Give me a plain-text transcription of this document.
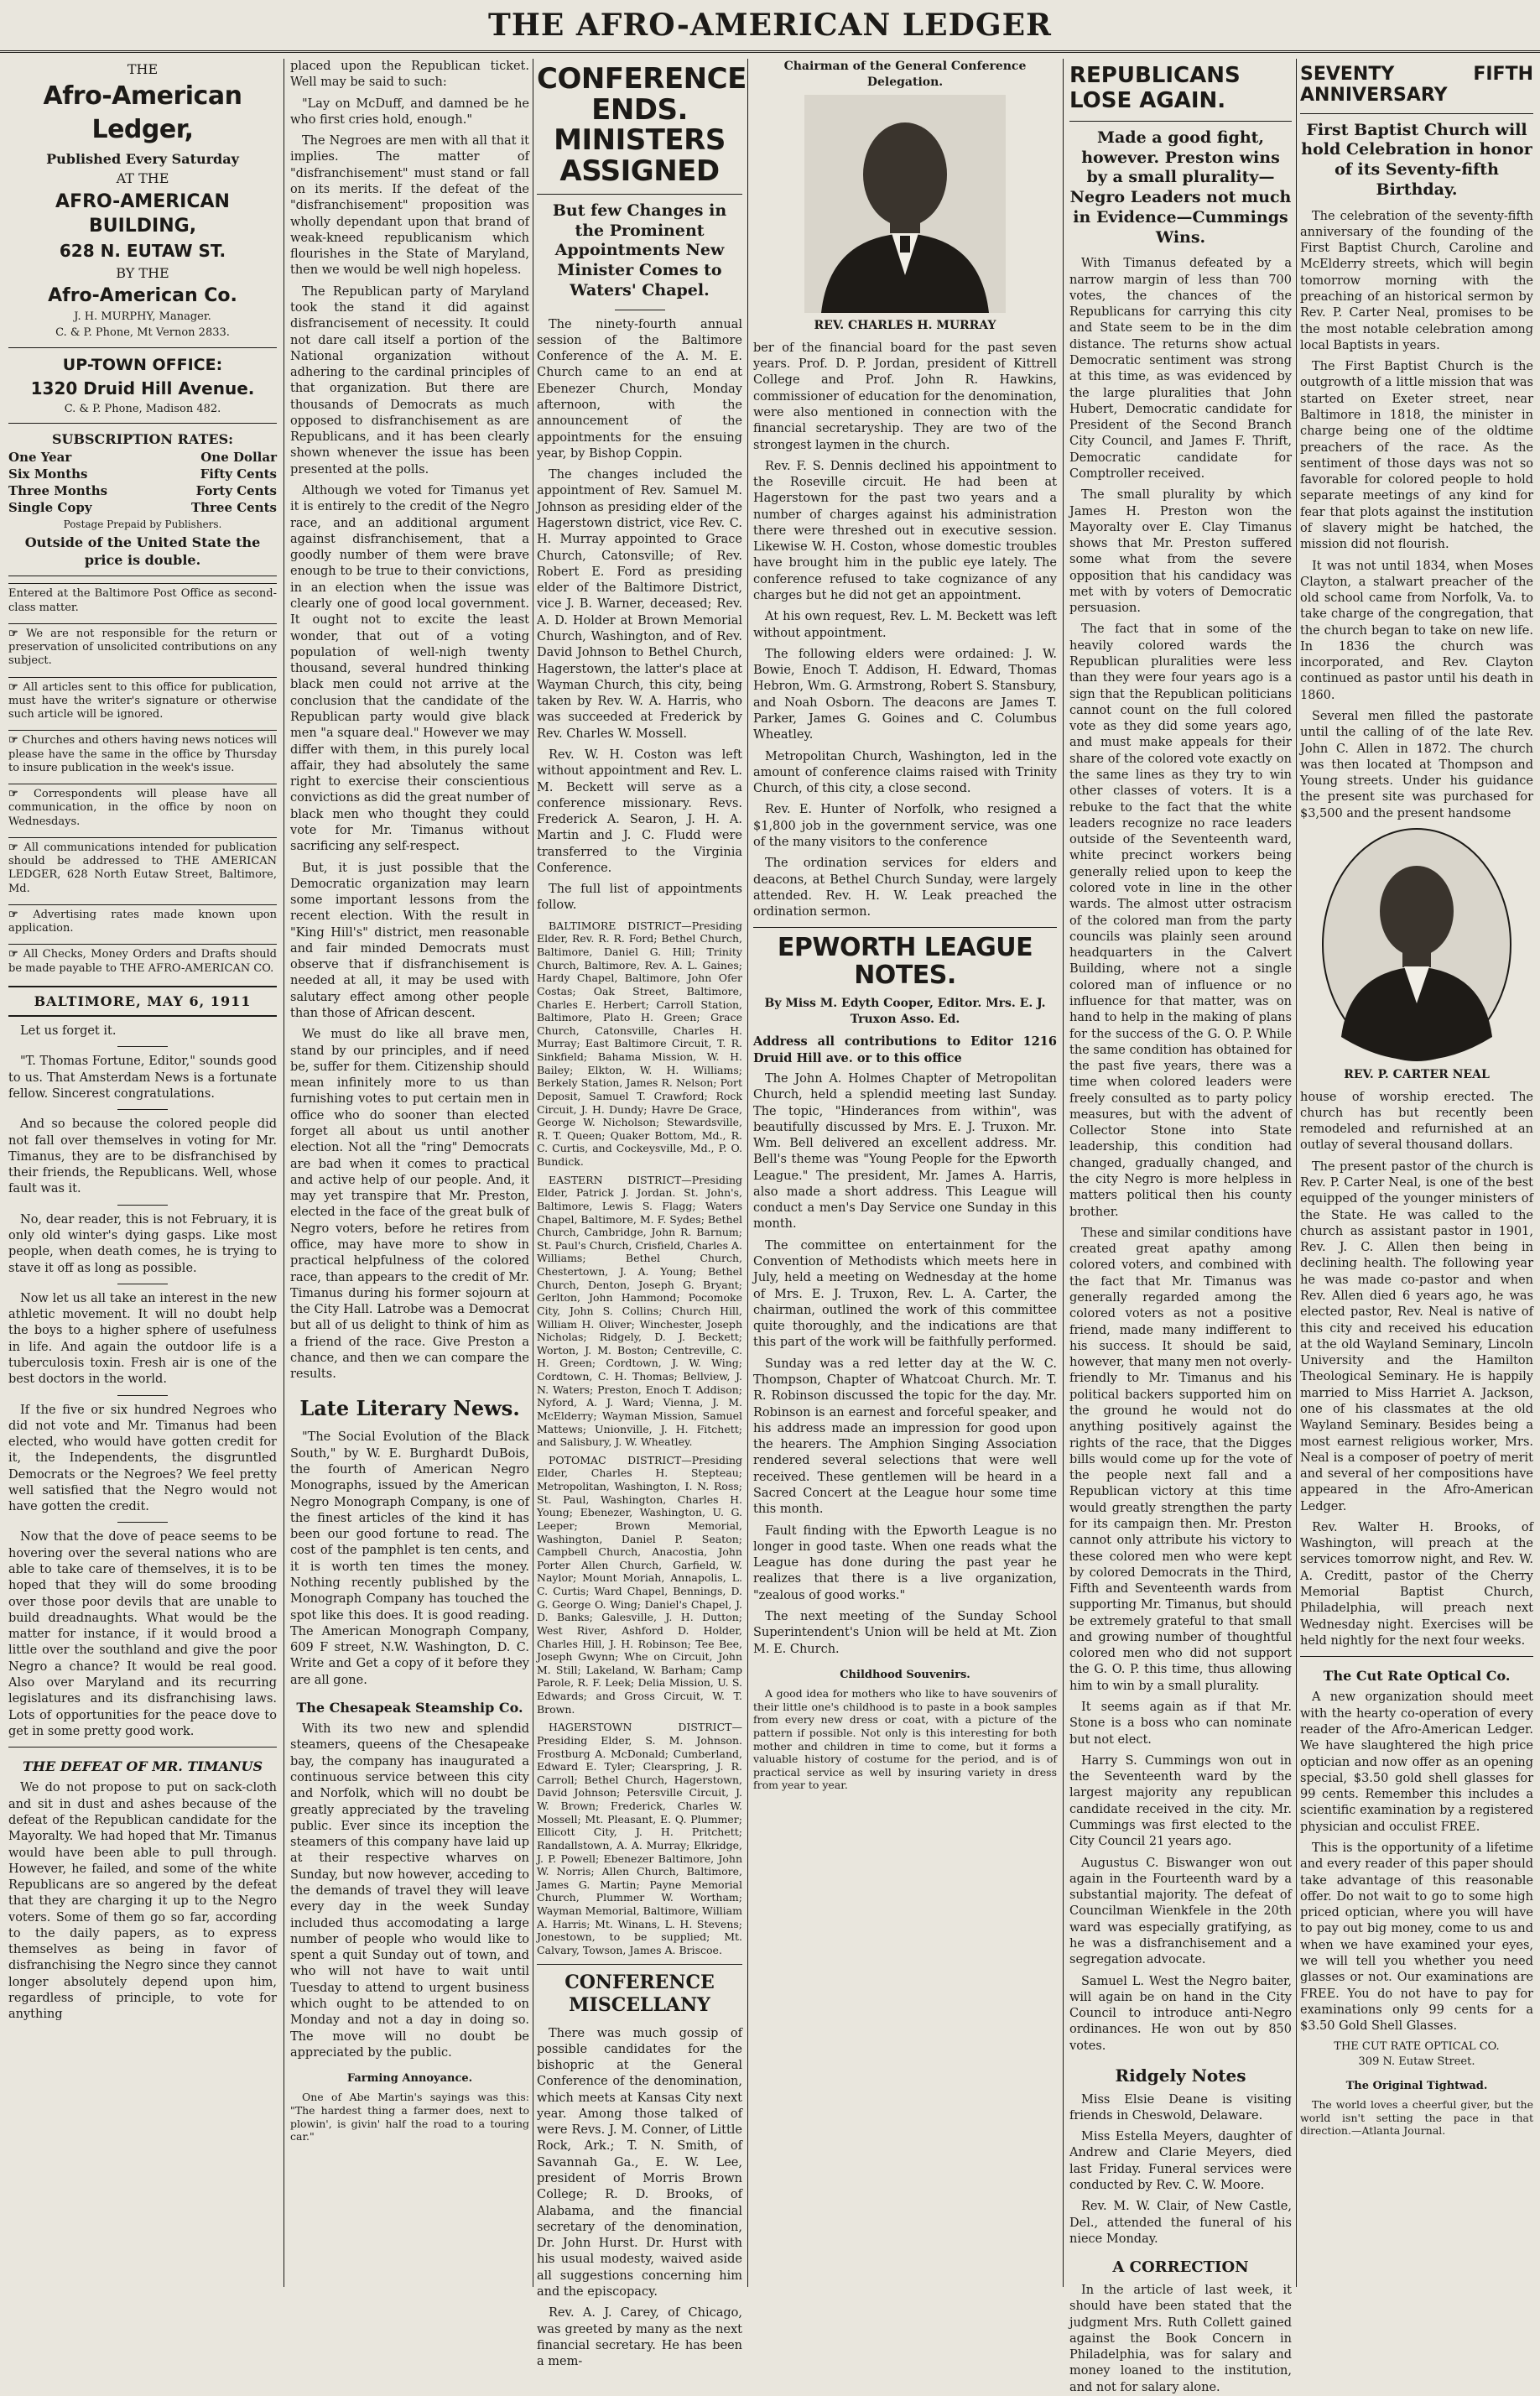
THE AFRO-AMERICAN LEDGER
THE
Afro-American Ledger,
Published Every Saturday
AT THE
AFRO-AMERICAN BUILDING,
628 N. EUTAW ST.
BY THE
Afro-American Co.
J. H. MURPHY, Manager.
C. & P. Phone, Mt Vernon 2833.
UP-TOWN OFFICE:
1320 Druid Hill Avenue.
C. & P. Phone, Madison 482.
SUBSCRIPTION RATES:
One Year	One Dollar
Six Months	Fifty Cents
Three Months	Forty Cents
Single Copy	Three Cents
Postage Prepaid by Publishers.
Outside of the United State the price is double.

Entered at the Baltimore Post Office as second-class matter.

☞ We are not responsible for the return or preservation of unsolicited contributions on any subject.

☞ All articles sent to this office for publication, must have the writer's signature or otherwise such article will be ignored.

☞ Churches and others having news notices will please have the same in the office by Thursday to insure publication in the week's issue.

☞ Correspondents will please have all communication, in the office by noon on Wednesdays.

☞ All communications intended for publication should be addressed to THE AMERICAN LEDGER, 628 North Eutaw Street, Baltimore, Md.

☞ Advertising rates made known upon application.

☞ All Checks, Money Orders and Drafts should be made payable to THE AFRO-AMERICAN CO.

BALTIMORE, MAY 6, 1911

Let us forget it.

"T. Thomas Fortune, Editor," sounds good to us. That Amsterdam News is a fortunate fellow. Sincerest congratulations.

And so because the colored people did not fall over themselves in voting for Mr. Timanus, they are to be disfranchised by their friends, the Republicans. Well, whose fault was it.

No, dear reader, this is not February, it is only old winter's dying gasps. Like most people, when death comes, he is trying to stave it off as long as possible.

Now let us all take an interest in the new athletic movement. It will no doubt help the boys to a higher sphere of usefulness in life. And again the outdoor life is a tuberculosis toxin. Fresh air is one of the best doctors in the world.

If the five or six hundred Negroes who did not vote and Mr. Timanus had been elected, who would have gotten credit for it, the Independents, the disgruntled Democrats or the Negroes? We feel pretty well satisfied that the Negro would not have gotten the credit.

Now that the dove of peace seems to be hovering over the several nations who are able to take care of themselves, it is to be hoped that they will do some brooding over those poor devils that are unable to build dreadnaughts. What would be the matter for instance, if it would brood a little over the southland and give the poor Negro a chance? It would be real good. Also over Maryland and its recurring legislatures and its disfranchising laws. Lots of opportunities for the peace dove to get in some pretty good work.

THE DEFEAT OF MR. TIMANUS

We do not propose to put on sack-cloth and sit in dust and ashes because of the defeat of the Republican candidate for the Mayoralty. We had hoped that Mr. Timanus would have been able to pull through. However, he failed, and some of the white Republicans are so angered by the defeat that they are charging it up to the Negro voters. Some of them go so far, according to the daily papers, as to express themselves as being in favor of disfranchising the Negro since they cannot longer absolutely depend upon him, regardless of principle, to vote for anything

placed upon the Republican ticket. Well may be said to such:

"Lay on McDuff, and damned be he who first cries hold, enough."

The Negroes are men with all that it implies. The matter of "disfranchisement" must stand or fall on its merits. If the defeat of the "disfranchisement" proposition was wholly dependant upon that brand of weak-kneed republicanism which flourishes in the State of Maryland, then we would be well nigh hopeless.

The Republican party of Maryland took the stand it did against disfrancisement of necessity. It could not dare call itself a portion of the National organization without adhering to the cardinal principles of that organization. But there are thousands of Democrats as much opposed to disfranchisement as are Republicans, and it has been clearly shown whenever the issue has been presented at the polls.

Although we voted for Timanus yet it is entirely to the credit of the Negro race, and an additional argument against disfranchisement, that a goodly number of them were brave enough to be true to their convictions, in an election when the issue was clearly one of good local government. It ought not to excite the least wonder, that out of a voting population of well-nigh twenty thousand, several hundred thinking black men could not arrive at the conclusion that the candidate of the Republican party would give black men "a square deal." However we may differ with them, in this purely local affair, they had absolutely the same right to exercise their conscientious convictions as did the great number of black men who thought they could vote for Mr. Timanus without sacrificing any self-respect.

But, it is just possible that the Democratic organization may learn some important lessons from the recent election. With the result in "King Hill's" district, men reasonable and fair minded Democrats must observe that if disfranchisement is needed at all, it may be used with salutary effect among other people than those of African descent.

We must do like all brave men, stand by our principles, and if need be, suffer for them. Citizenship should mean infinitely more to us than furnishing votes to put certain men in office who do sooner than elected forget all about us until another election. Not all the "ring" Democrats are bad when it comes to practical and active help of our people. And, it may yet transpire that Mr. Preston, elected in the face of the great bulk of Negro voters, before he retires from office, may have more to show in practical helpfulness of the colored race, than appears to the credit of Mr. Timanus during his former sojourn at the City Hall. Latrobe was a Democrat but all of us delight to think of him as a friend of the race. Give Preston a chance, and then we can compare the results.

Late Literary News.

"The Social Evolution of the Black South," by W. E. Burghardt DuBois, the fourth of American Negro Monographs, issued by the American Negro Monograph Company, is one of the finest articles of the kind it has been our good fortune to read. The cost of the pamphlet is ten cents, and it is worth ten times the money. Nothing recently published by the Monograph Company has touched the spot like this does. It is good reading. The American Monograph Company, 609 F street, N.W. Washington, D. C. Write and Get a copy of it before they are all gone.

The Chesapeak Steamship Co.

With its two new and splendid steamers, queens of the Chesapeake bay, the company has inaugurated a continuous service between this city and Norfolk, which will no doubt be greatly appreciated by the traveling public. Ever since its inception the steamers of this company have laid up at their respective wharves on Sunday, but now however, acceding to the demands of travel they will leave every day in the week Sunday included thus accomodating a large number of people who would like to spent a quit Sunday out of town, and who will not have to wait until Tuesday to attend to urgent business which ought to be attended to on Monday and not a day in doing so. The move will no doubt be appreciated by the public.

Farming Annoyance.

One of Abe Martin's sayings was this: "The hardest thing a farmer does, next to plowin', is givin' half the road to a touring car."

CONFERENCE ENDS. MINISTERS ASSIGNED
But few Changes in the Prominent Appointments New Minister Comes to Waters' Chapel.

The ninety-fourth annual session of the Baltimore Conference of the A. M. E. Church came to an end at Ebenezer Church, Monday afternoon, with the announcement of the appointments for the ensuing year, by Bishop Coppin.

The changes included the appointment of Rev. Samuel M. Johnson as presiding elder of the Hagerstown district, vice Rev. C. H. Murray appointed to Grace Church, Catonsville; of Rev. Robert E. Ford as presiding elder of the Baltimore District, vice J. B. Warner, deceased; Rev. A. D. Holder at Brown Memorial Church, Washington, and of Rev. David Johnson to Bethel Church, Hagerstown, the latter's place at Wayman Church, this city, being taken by Rev. W. A. Harris, who was succeeded at Frederick by Rev. Charles W. Mossell.

Rev. W. H. Coston was left without appointment and Rev. L. M. Beckett will serve as a conference missionary. Revs. Frederick A. Searon, J. H. A. Martin and J. C. Fludd were transferred to the Virginia Conference.

The full list of appointments follow.

BALTIMORE DISTRICT—Presiding Elder, Rev. R. R. Ford; Bethel Church, Baltimore, Daniel G. Hill; Trinity Church, Baltimore, Rev. A. L. Gaines; Hardy Chapel, Baltimore, John Ofer Costas; Oak Street, Baltimore, Charles E. Herbert; Carroll Station, Baltimore, Plato H. Green; Grace Church, Catonsville, Charles H. Murray; East Baltimore Circuit, T. R. Sinkfield; Bahama Mission, W. H. Bailey; Elkton, W. H. Williams; Berkely Station, James R. Nelson; Port Deposit, Samuel T. Crawford; Rock Circuit, J. H. Dundy; Havre De Grace, George W. Nicholson; Stewardsville, R. T. Queen; Quaker Bottom, Md., R. C. Curtis, and Cockeysville, Md., P. O. Bundick.

EASTERN DISTRICT—Presiding Elder, Patrick J. Jordan. St. John's, Baltimore, Lewis S. Flagg; Waters Chapel, Baltimore, M. F. Sydes; Bethel Church, Cambridge, John R. Barnum; St. Paul's Church, Crisfield, Charles A. Williams; Bethel Church, Chestertown, J. A. Young; Bethel Church, Denton, Joseph G. Bryant; Gerlton, John Hammond; Pocomoke City, John S. Collins; Church Hill, William H. Oliver; Winchester, Joseph Nicholas; Ridgely, D. J. Beckett; Worton, J. M. Boston; Centreville, C. H. Green; Cordtown, J. W. Wing; Cordtown, C. H. Thomas; Bellview, J. N. Waters; Preston, Enoch T. Addison; Nyford, A. J. Ward; Vienna, J. M. McElderry; Wayman Mission, Samuel Mattews; Unionville, J. H. Fitchett; and Salisbury, J. W. Wheatley.

POTOMAC DISTRICT—Presiding Elder, Charles H. Stepteau; Metropolitan, Washington, I. N. Ross; St. Paul, Washington, Charles H. Young; Ebenezer, Washington, U. G. Leeper; Brown Memorial, Washington, Daniel P. Seaton; Campbell Church, Anacostia, John Porter Allen Church, Garfield, W. Naylor; Mount Moriah, Annapolis, L. C. Curtis; Ward Chapel, Bennings, D. G. George O. Wing; Daniel's Chapel, J. D. Banks; Galesville, J. H. Dutton; West River, Ashford D. Holder, Charles Hill, J. H. Robinson; Tee Bee, Joseph Gwynn; Whe on Circuit, John M. Still; Lakeland, W. Barham; Camp Parole, R. F. Leek; Delia Mission, U. S. Edwards; and Gross Circuit, W. T. Brown.

HAGERSTOWN DISTRICT—Presiding Elder, S. M. Johnson. Frostburg A. McDonald; Cumberland, Edward E. Tyler; Clearspring, J. R. Carroll; Bethel Church, Hagerstown, David Johnson; Petersville Circuit, J. W. Brown; Frederick, Charles W. Mossell; Mt. Pleasant, E. Q. Plummer; Ellicott City, J. H. Pritchett; Randallstown, A. A. Murray; Elkridge, J. P. Powell; Ebenezer Baltimore, John W. Norris; Allen Church, Baltimore, James G. Martin; Payne Memorial Church, Plummer W. Wortham; Wayman Memorial, Baltimore, William A. Harris; Mt. Winans, L. H. Stevens; Jonestown, to be supplied; Mt. Calvary, Towson, James A. Briscoe.

CONFERENCE MISCELLANY

There was much gossip of possible candidates for the bishopric at the General Conference of the denomination, which meets at Kansas City next year. Among those talked of were Revs. J. M. Conner, of Little Rock, Ark.; T. N. Smith, of Savannah Ga., E. W. Lee, president of Morris Brown College; R. D. Brooks, of Alabama, and the financial secretary of the denomination, Dr. John Hurst. Dr. Hurst with his usual modesty, waived aside all suggestions concerning him and the episcopacy.

Rev. A. J. Carey, of Chicago, was greeted by many as the next financial secretary. He has been a mem-

Chairman of the General Conference Delegation.
REV. CHARLES H. MURRAY

ber of the financial board for the past seven years. Prof. D. P. Jordan, president of Kittrell College and Prof. John R. Hawkins, commissioner of education for the denomination, were also mentioned in connection with the financial secretaryship. They are two of the strongest laymen in the church.

Rev. F. S. Dennis declined his appointment to the Roseville circuit. He had been at Hagerstown for the past two years and a number of charges against his administration there were threshed out in executive session. Likewise W. H. Coston, whose domestic troubles have brought him in the public eye lately. The conference refused to take cognizance of any charges but he did not get an appointment.

At his own request, Rev. L. M. Beckett was left without appointment.

The following elders were ordained: J. W. Bowie, Enoch T. Addison, H. Edward, Thomas Hebron, Wm. G. Armstrong, Robert S. Stansbury, and Noah Osborn. The deacons are James T. Parker, James G. Goines and C. Columbus Wheatley.

Metropolitan Church, Washington, led in the amount of conference claims raised with Trinity Church, of this city, a close second.

Rev. E. Hunter of Norfolk, who resigned a $1,800 job in the government service, was one of the many visitors to the conference

The ordination services for elders and deacons, at Bethel Church Sunday, were largely attended. Rev. H. W. Leak preached the ordination sermon.

EPWORTH LEAGUE NOTES.
By Miss M. Edyth Cooper, Editor. Mrs. E. J. Truxon Asso. Ed.

Address all contributions to Editor 1216 Druid Hill ave. or to this office

The John A. Holmes Chapter of Metropolitan Church, held a splendid meeting last Sunday. The topic, "Hinderances from within", was beautifully discussed by Mrs. E. J. Truxon. Mr. Wm. Bell delivered an excellent address. Mr. Bell's theme was "Young People for the Epworth League." The president, Mr. James A. Harris, also made a short address. This League will conduct a men's Day Service one Sunday in this month.

The committee on entertainment for the Convention of Methodists which meets here in July, held a meeting on Wednesday at the home of Mrs. E. J. Truxon, Rev. L. A. Carter, the chairman, outlined the work of this committee quite thoroughly, and the indications are that this part of the work will be faithfully performed.

Sunday was a red letter day at the W. C. Thompson, Chapter of Whatcoat Church. Mr. T. R. Robinson discussed the topic for the day. Mr. Robinson is an earnest and forceful speaker, and his address made an impression for good upon the hearers. The Amphion Singing Association rendered several selections that were well received. These gentlemen will be heard in a Sacred Concert at the League hour some time this month.

Fault finding with the Epworth League is no longer in good taste. When one reads what the League has done during the past year he realizes that there is a live organization, "zealous of good works."

The next meeting of the Sunday School Superintendent's Union will be held at Mt. Zion M. E. Church.

Childhood Souvenirs.

A good idea for mothers who like to have souvenirs of their little one's childhood is to paste in a book samples from every new dress or coat, with a picture of the pattern if possible. Not only is this interesting for both mother and children in time to come, but it forms a valuable history of costume for the period, and is of practical service as well by insuring variety in dress from year to year.

REPUBLICANS LOSE AGAIN.
Made a good fight, however. Preston wins by a small plurality—Negro Leaders not much in Evidence—Cummings Wins.

With Timanus defeated by a narrow margin of less than 700 votes, the chances of the Republicans for carrying this city and State seem to be in the dim distance. The returns show actual Democratic sentiment was strong at this time, as was evidenced by the large pluralities that John Hubert, Democratic candidate for President of the Second Branch City Council, and James F. Thrift, Democratic candidate for Comptroller received.

The small plurality by which James H. Preston won the Mayoralty over E. Clay Timanus shows that Mr. Preston suffered some what from the severe opposition that his candidacy was met with by voters of Democratic persuasion.

The fact that in some of the heavily colored wards the Republican pluralities were less than they were four years ago is a sign that the Republican politicians cannot count on the full colored vote as they did some years ago, and must make appeals for their share of the colored vote exactly on the same lines as they try to win other classes of voters. It is a rebuke to the fact that the white leaders recognize no race leaders outside of the Seventeenth ward, white precinct workers being generally relied upon to keep the colored vote in line in the other wards. The almost utter ostracism of the colored man from the party councils was plainly seen around headquarters in the Calvert Building, where not a single colored man of influence or no influence for that matter, was on hand to help in the making of plans for the success of the G. O. P. While the same condition has obtained for the past five years, there was a time when colored leaders were freely consulted as to party policy measures, but with the advent of Collector Stone into State leadership, this condition had changed, gradually changed, and the city Negro is more helpless in matters political then his county brother.

These and similar conditions have created great apathy among colored voters, and combined with the fact that Mr. Timanus was generally regarded among the colored voters as not a positive friend, made many indifferent to his success. It should be said, however, that many men not overly-friendly to Mr. Timanus and his political backers supported him on the ground he would not do anything positively against the rights of the race, that the Digges bills would come up for the vote of the people next fall and a Republican victory at this time would greatly strengthen the party for its campaign then. Mr. Preston cannot only attribute his victory to these colored men who were kept by colored Democrats in the Third, Fifth and Seventeenth wards from supporting Mr. Timanus, but should be extremely grateful to that small and growing number of thoughtful colored men who did not support the G. O. P. this time, thus allowing him to win by a small plurality.

It seems again as if that Mr. Stone is a boss who can nominate but not elect.

Harry S. Cummings won out in the Seventeenth ward by the largest majority any republican candidate received in the city. Mr. Cummings was first elected to the City Council 21 years ago.

Augustus C. Biswanger won out again in the Fourteenth ward by a substantial majority. The defeat of Councilman Wienkfele in the 20th ward was especially gratifying, as he was a disfranchisement and a segregation advocate.

Samuel L. West the Negro baiter, will again be on hand in the City Council to introduce anti-Negro ordinances. He won out by 850 votes.

Ridgely Notes

Miss Elsie Deane is visiting friends in Cheswold, Delaware.

Miss Estella Meyers, daughter of Andrew and Clarie Meyers, died last Friday. Funeral services were conducted by Rev. C. W. Moore.

Rev. M. W. Clair, of New Castle, Del., attended the funeral of his niece Monday.

A CORRECTION

In the article of last week, it should have been stated that the judgment Mrs. Ruth Collett gained against the Book Concern in Philadelphia, was for salary and money loaned to the institution, and not for salary alone.

SEVENTY FIFTH ANNIVERSARY
First Baptist Church will hold Celebration in honor of its Seventy-fifth Birthday.

The celebration of the seventy-fifth anniversary of the founding of the First Baptist Church, Caroline and McElderry streets, which will begin tomorrow morning with the preaching of an historical sermon by Rev. P. Carter Neal, promises to be the most notable celebration among local Baptists in years.

The First Baptist Church is the outgrowth of a little mission that was started on Exeter street, near Baltimore in 1818, the minister in charge being one of the oldtime preachers of the race. As the sentiment of those days was not so favorable for colored people to hold separate meetings of any kind for fear that plots against the institution of slavery might be hatched, the mission did not flourish.

It was not until 1834, when Moses Clayton, a stalwart preacher of the old school came from Norfolk, Va. to take charge of the congregation, that the church began to take on new life. In 1836 the church was incorporated, and Rev. Clayton continued as pastor until his death in 1860.

Several men filled the pastorate until the calling of of the late Rev. John C. Allen in 1872. The church was then located at Thompson and Young streets. Under his guidance the present site was purchased for $3,500 and the present handsome

REV. P. CARTER NEAL

house of worship erected. The church has but recently been remodeled and refurnished at an outlay of several thousand dollars.

The present pastor of the church is Rev. P. Carter Neal, is one of the best equipped of the younger ministers of the State. He was called to the church as assistant pastor in 1901, Rev. J. C. Allen then being in declining health. The following year he was made co-pastor and when Rev. Allen died 6 years ago, he was elected pastor, Rev. Neal is native of this city and received his education at the old Wayland Seminary, Lincoln University and the Hamilton Theological Seminary. He is happily married to Miss Harriet A. Jackson, one of his classmates at the old Wayland Seminary. Besides being a most earnest religious worker, Mrs. Neal is a composer of poetry of merit and several of her compositions have appeared in the Afro-American Ledger.

Rev. Walter H. Brooks, of Washington, will preach at the services tomorrow night, and Rev. W. A. Creditt, pastor of the Cherry Memorial Baptist Church, Philadelphia, will preach next Wednesday night. Exercises will be held nightly for the next four weeks.

The Cut Rate Optical Co.

A new organization should meet with the hearty co-operation of every reader of the Afro-American Ledger. We have slaughtered the high price optician and now offer as an opening special, $3.50 gold shell glasses for 99 cents. Remember this includes a scientific examination by a registered physician and occulist FREE.

This is the opportunity of a lifetime and every reader of this paper should take advantage of this reasonable offer. Do not wait to go to some high priced optician, where you will have to pay out big money, come to us and when we have examined your eyes, we will tell you whether you need glasses or not. Our examinations are FREE. You do not have to pay for examinations only 99 cents for a $3.50 Gold Shell Glasses.

THE CUT RATE OPTICAL CO.
309 N. Eutaw Street.
The Original Tightwad.

The world loves a cheerful giver, but the world isn't setting the pace in that direction.—Atlanta Journal.
